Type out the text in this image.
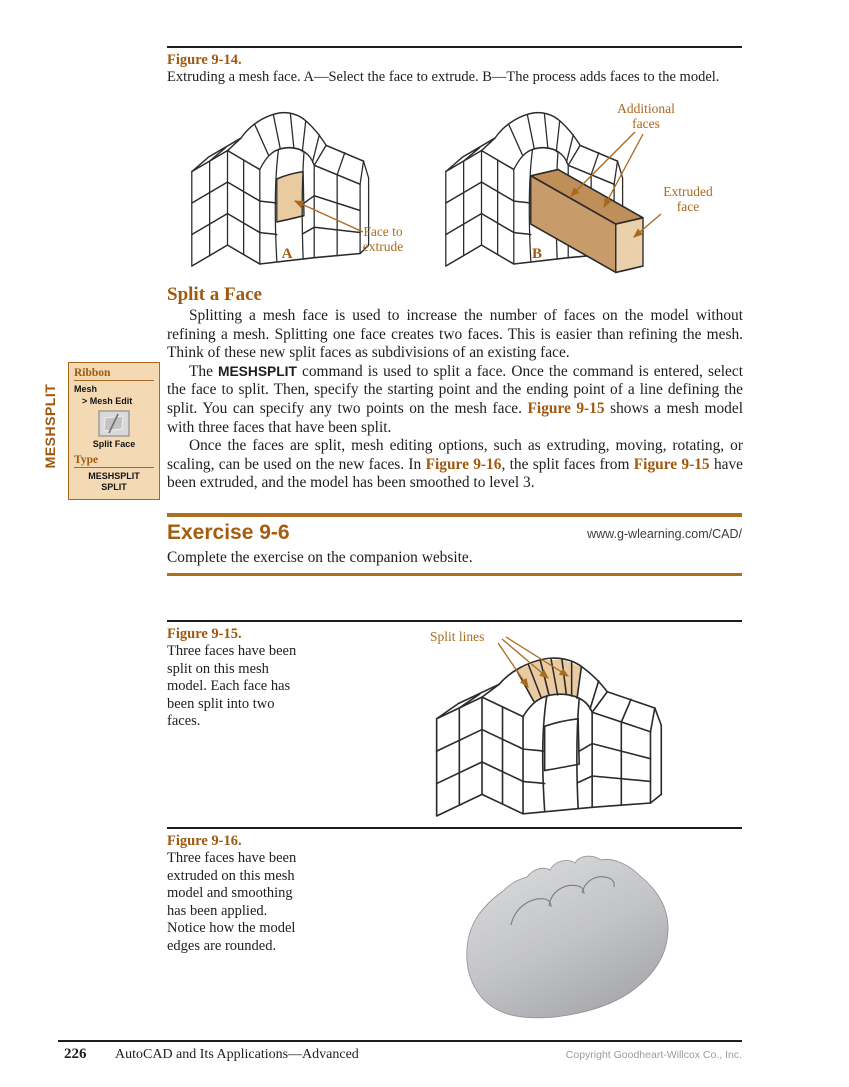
Figure 9-14.
Extruding a mesh face. A—Select the face to extrude. B—The process adds faces to the model.
Face to extrude
Additional faces
Extruded face
A	B
Split a Face

Splitting a mesh face is used to increase the number of faces on the model without refining a mesh. Splitting one face creates two faces. This is easier than refining the mesh. Think of these new split faces as subdivisions of an existing face.

The MESHSPLIT command is used to split a face. Once the command is entered, select the face to split. Then, specify the starting point and the ending point of a line defining the split. You can specify any two points on the mesh face. Figure 9-15 shows a mesh model with three faces that have been split.

Once the faces are split, mesh editing options, such as extruding, moving, rotating, or scaling, can be used on the new faces. In Figure 9-16, the split faces from Figure 9-15 have been extruded, and the model has been smoothed to level 3.

MESHSPLIT
Ribbon
Mesh
> Mesh Edit
Split Face
Type
MESHSPLIT
SPLIT
Exercise 9-6	www.g-wlearning.com/CAD/
Complete the exercise on the companion website.
Figure 9-15.
Three faces have been split on this mesh model. Each face has been split into two faces.
Split lines
Figure 9-16.
Three faces have been extruded on this mesh model and smoothing has been applied. Notice how the model edges are rounded.
226 AutoCAD and Its Applications—Advanced	Copyright Goodheart-Willcox Co., Inc.
